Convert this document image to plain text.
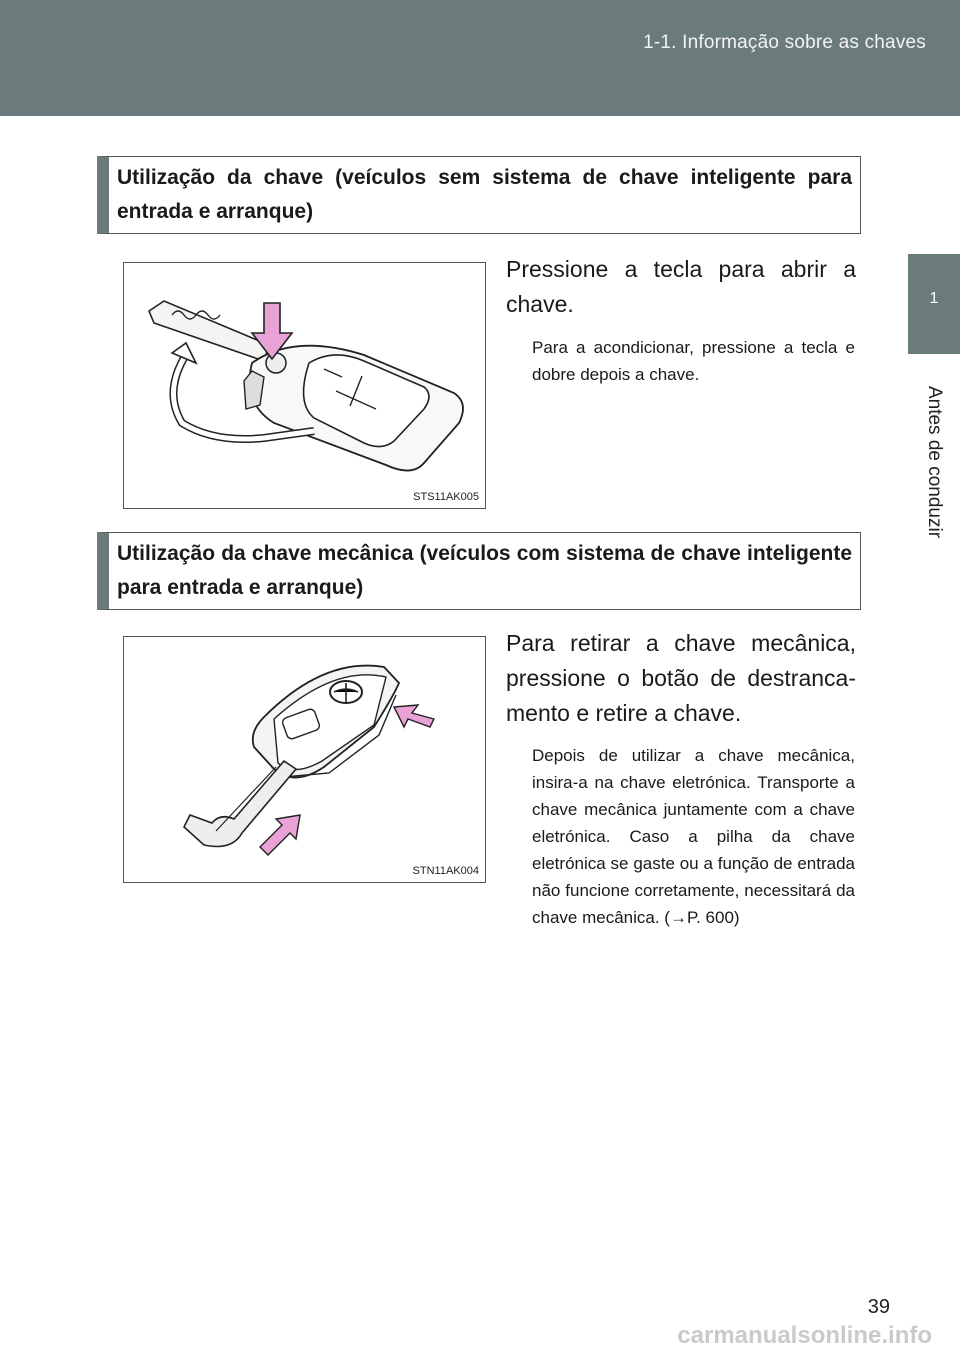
1-1. Informação sobre as chaves
1
Antes de conduzir
Utilização da chave (veículos sem sistema de chave inteligente para entrada e arranque)
STS11AK005
Pressione a tecla para abrir a chave.
Para a acondicionar, pressione a tecla e dobre depois a chave.
Utilização da chave mecânica (veículos com sistema de chave inteligente para entrada e arranque)
STN11AK004
Para retirar a chave mecânica, pressione o botão de destranca-mento e retire a chave.
Depois de utilizar a chave mecânica, insira-a na chave eletrónica. Transporte a chave mecânica juntamente com a chave eletrónica. Caso a pilha da chave eletrónica se gaste ou a função de entrada não funcione corretamente, necessitará da chave mecânica. (→P. 600)
39
carmanualsonline.info
